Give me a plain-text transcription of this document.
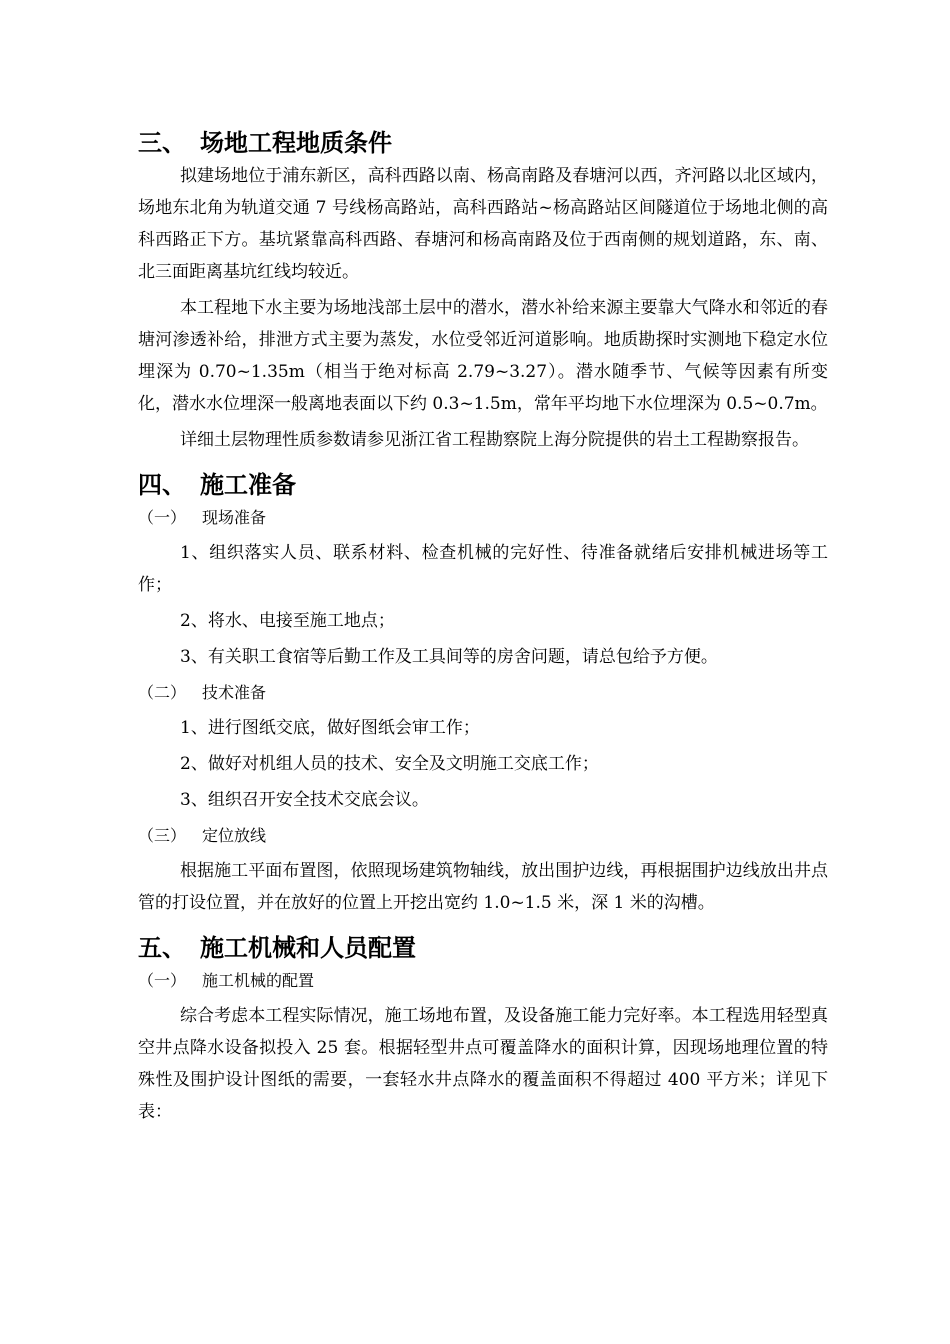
三、 场地工程地质条件

拟建场地位于浦东新区，高科西路以南、杨高南路及春塘河以西，齐河路以北区域内，场地东北角为轨道交通 7 号线杨高路站，高科西路站~杨高路站区间隧道位于场地北侧的高科西路正下方。基坑紧靠高科西路、春塘河和杨高南路及位于西南侧的规划道路，东、南、北三面距离基坑红线均较近。

本工程地下水主要为场地浅部土层中的潜水，潜水补给来源主要靠大气降水和邻近的春塘河渗透补给，排泄方式主要为蒸发，水位受邻近河道影响。地质勘探时实测地下稳定水位埋深为 0.70~1.35m（相当于绝对标高 2.79~3.27）。潜水随季节、气候等因素有所变化，潜水水位埋深一般离地表面以下约 0.3~1.5m，常年平均地下水位埋深为 0.5~0.7m。

详细土层物理性质参数请参见浙江省工程勘察院上海分院提供的岩土工程勘察报告。

四、 施工准备
（一） 现场准备

1、组织落实人员、联系材料、检查机械的完好性、待准备就绪后安排机械进场等工作；

2、将水、电接至施工地点；

3、有关职工食宿等后勤工作及工具间等的房舍问题，请总包给予方便。

（二） 技术准备

1、进行图纸交底，做好图纸会审工作；

2、做好对机组人员的技术、安全及文明施工交底工作；

3、组织召开安全技术交底会议。

（三） 定位放线

根据施工平面布置图，依照现场建筑物轴线，放出围护边线，再根据围护边线放出井点管的打设位置，并在放好的位置上开挖出宽约 1.0~1.5 米，深 1 米的沟槽。

五、 施工机械和人员配置
（一） 施工机械的配置

综合考虑本工程实际情况，施工场地布置，及设备施工能力完好率。本工程选用轻型真空井点降水设备拟投入 25 套。根据轻型井点可覆盖降水的面积计算，因现场地理位置的特殊性及围护设计图纸的需要，一套轻水井点降水的覆盖面积不得超过 400 平方米；详见下表：
